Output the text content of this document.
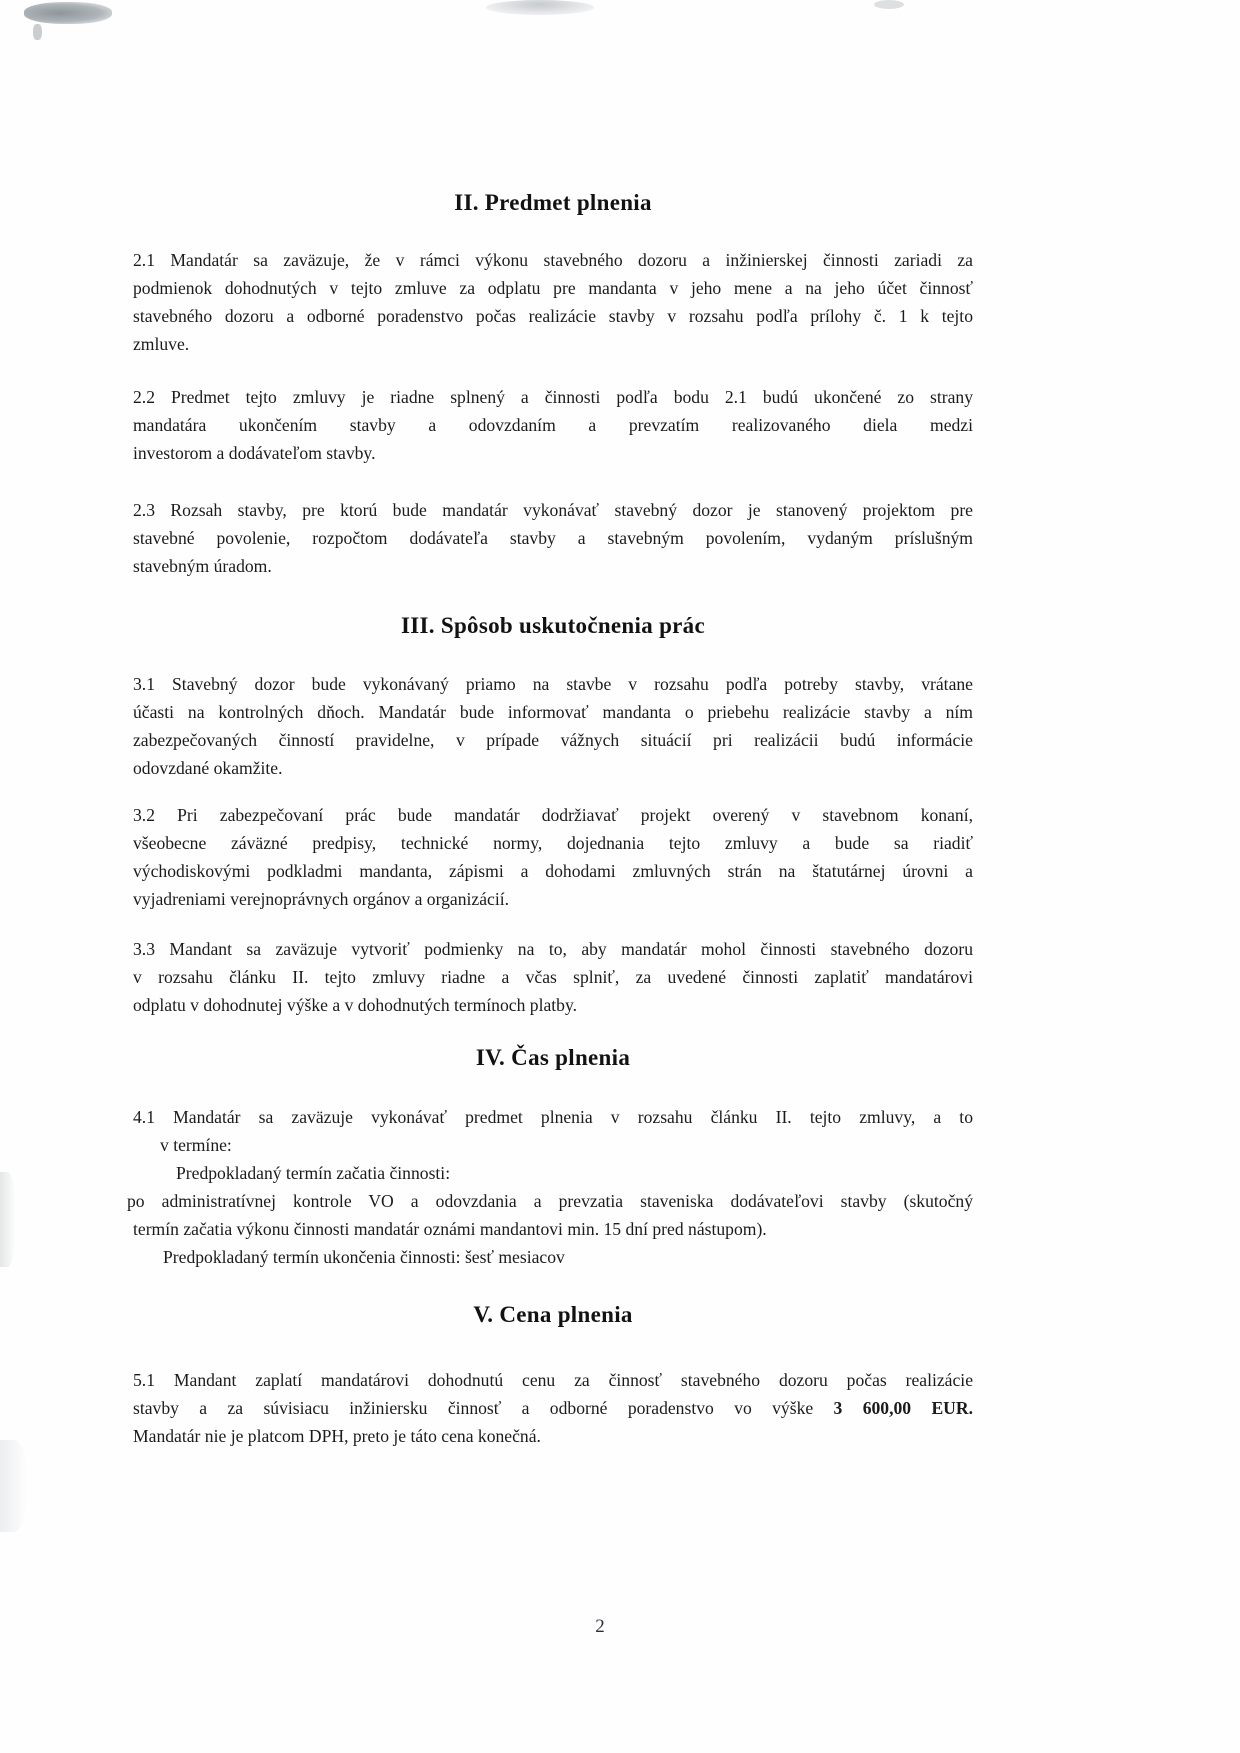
II. Predmet plnenia
2.1 Mandatár sa zaväzuje, že v rámci výkonu stavebného dozoru a inžinierskej činnosti zariadi za
podmienok dohodnutých v tejto zmluve za odplatu pre mandanta v jeho mene a na jeho účet činnosť
stavebného dozoru a odborné poradenstvo počas realizácie stavby v rozsahu podľa prílohy č. 1 k tejto
zmluve.
2.2 Predmet tejto zmluvy je riadne splnený a činnosti podľa bodu 2.1 budú ukončené zo strany
mandatára ukončením stavby a odovzdaním a prevzatím realizovaného diela medzi
investorom a dodávateľom stavby.
2.3 Rozsah stavby, pre ktorú bude mandatár vykonávať stavebný dozor je stanovený projektom pre
stavebné povolenie, rozpočtom dodávateľa stavby a stavebným povolením, vydaným príslušným
stavebným úradom.
III. Spôsob uskutočnenia prác
3.1 Stavebný dozor bude vykonávaný priamo na stavbe v rozsahu podľa potreby stavby, vrátane
účasti na kontrolných dňoch. Mandatár bude informovať mandanta o priebehu realizácie stavby a ním
zabezpečovaných činností pravidelne, v prípade vážnych situácií pri realizácii budú informácie
odovzdané okamžite.
3.2 Pri zabezpečovaní prác bude mandatár dodržiavať projekt overený v stavebnom konaní,
všeobecne záväzné predpisy, technické normy, dojednania tejto zmluvy a bude sa riadiť
východiskovými podkladmi mandanta, zápismi a dohodami zmluvných strán na štatutárnej úrovni a
vyjadreniami verejnoprávnych orgánov a organizácií.
3.3 Mandant sa zaväzuje vytvoriť podmienky na to, aby mandatár mohol činnosti stavebného dozoru
v rozsahu článku II. tejto zmluvy riadne a včas splniť, za uvedené činnosti zaplatiť mandatárovi
odplatu v dohodnutej výške a v dohodnutých termínoch platby.
IV. Čas plnenia
4.1 Mandatár sa zaväzuje vykonávať predmet plnenia v rozsahu článku II. tejto zmluvy, a to
v termíne:
Predpokladaný termín začatia činnosti:
po administratívnej kontrole VO a odovzdania a prevzatia staveniska dodávateľovi stavby (skutočný
termín začatia výkonu činnosti mandatár oznámi mandantovi min. 15 dní pred nástupom).
Predpokladaný termín ukončenia činnosti: šesť mesiacov
V. Cena plnenia
5.1 Mandant zaplatí mandatárovi dohodnutú cenu za činnosť stavebného dozoru počas realizácie
stavby a za súvisiacu inžiniersku činnosť a odborné poradenstvo vo výške 3 600,00 EUR.
Mandatár nie je platcom DPH, preto je táto cena konečná.
2
